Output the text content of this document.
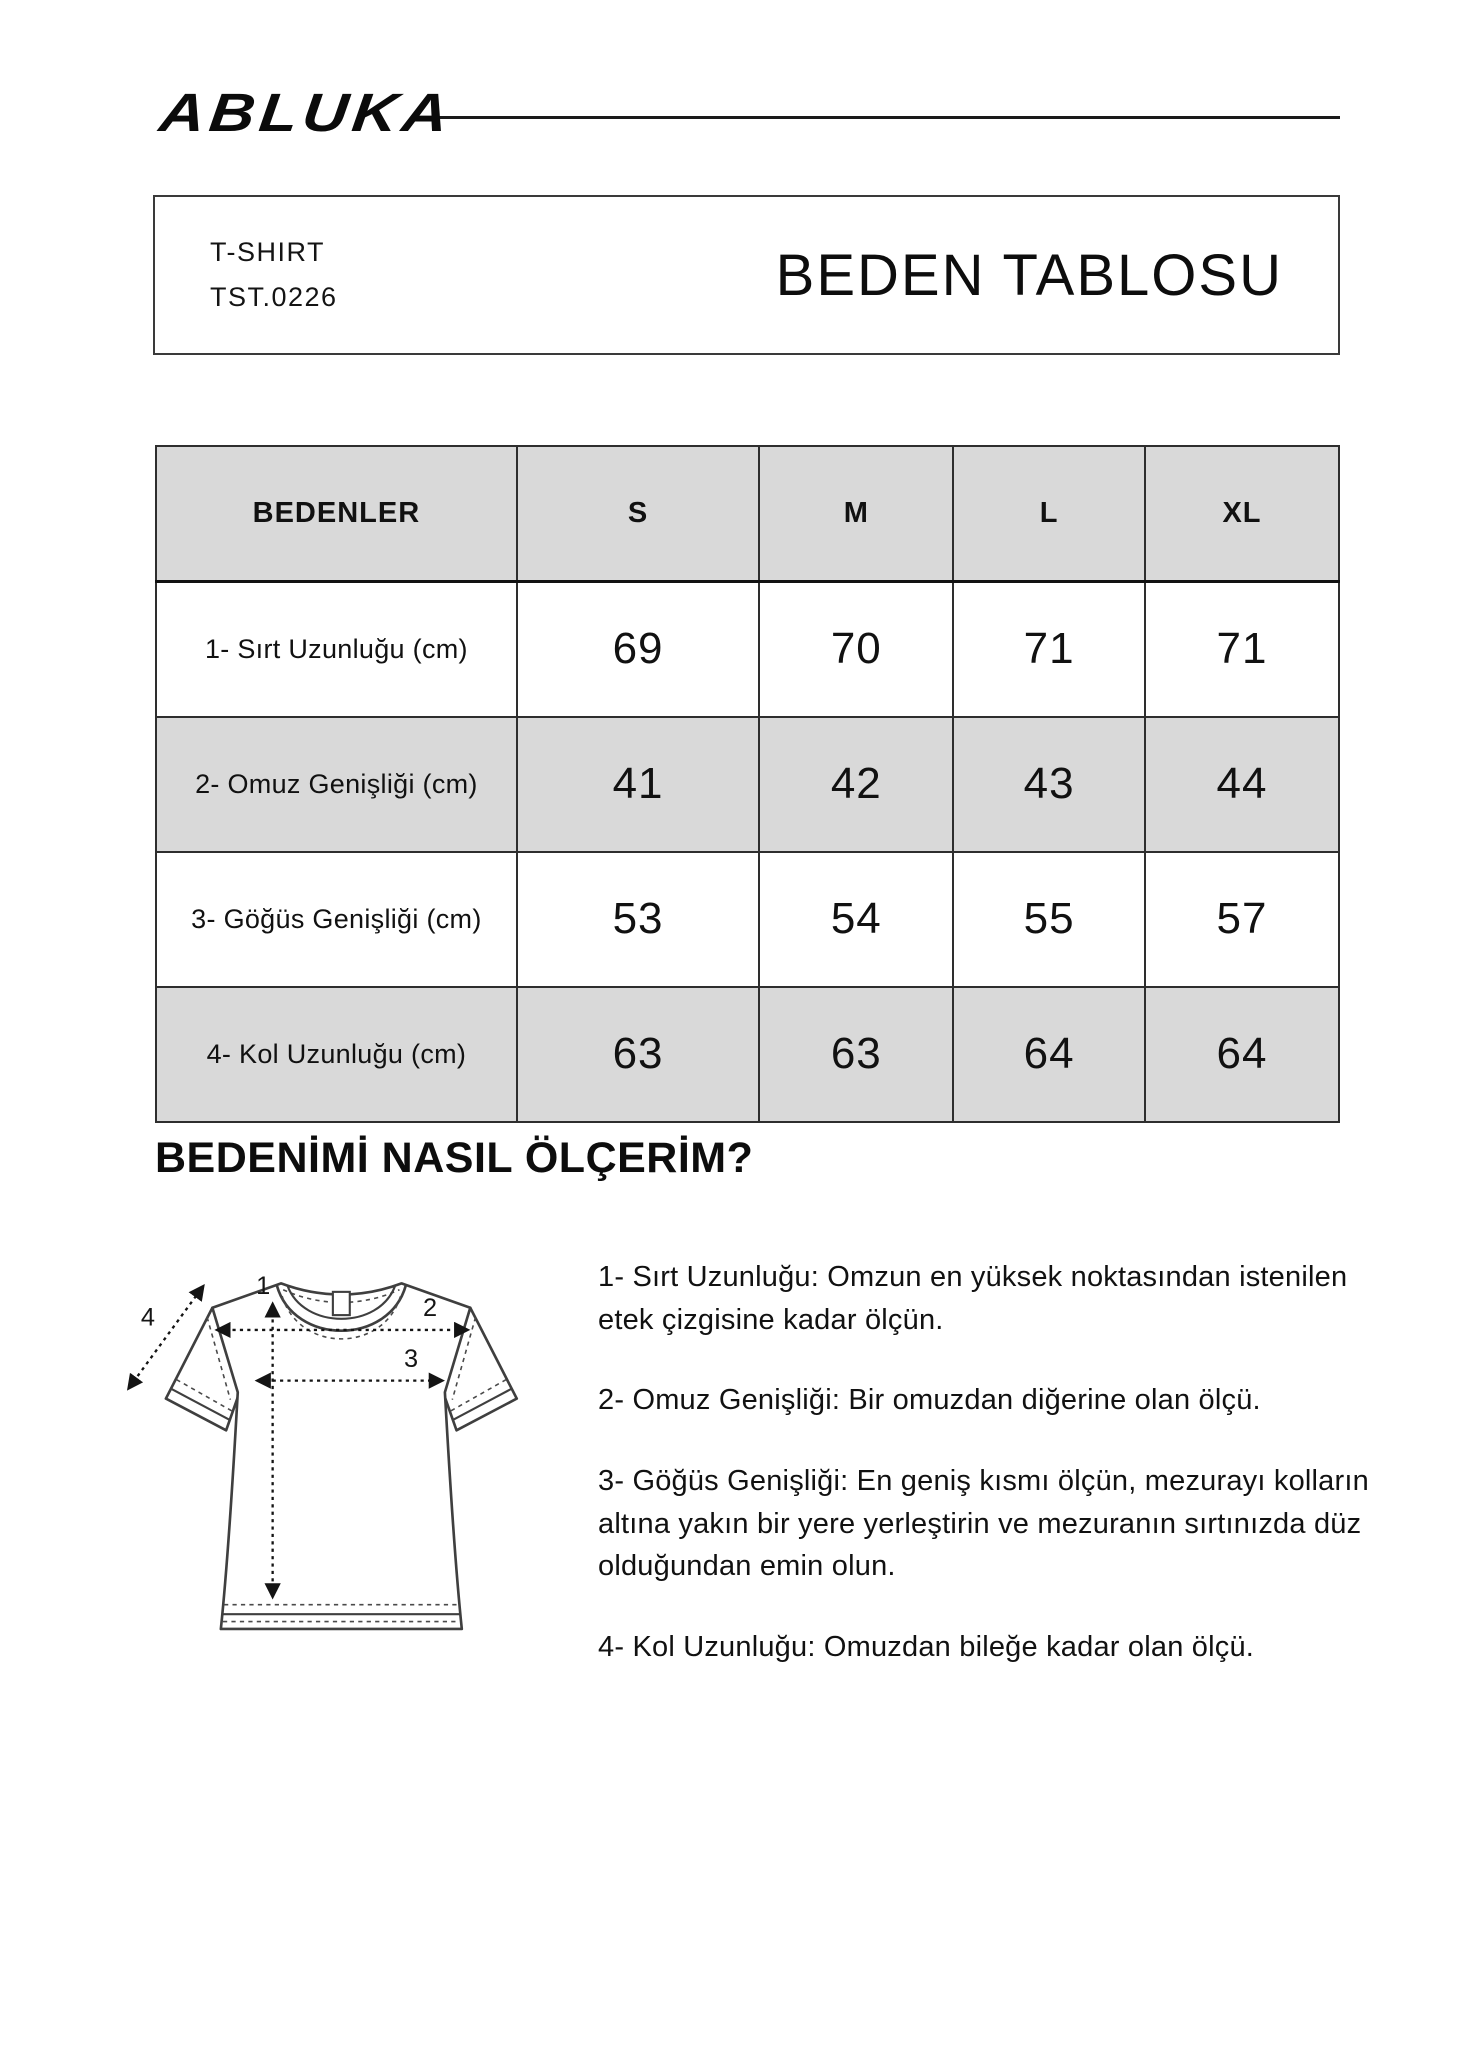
ABLUKA
T-SHIRT
TST.0226	BEDEN TABLOSU
BEDENLER	S	M	L	XL
1- Sırt Uzunluğu (cm)	69	70	71	71
2- Omuz Genişliği (cm)	41	42	43	44
3- Göğüs Genişliği (cm)	53	54	55	57
4- Kol Uzunluğu (cm)	63	63	64	64
BEDENİMİ NASIL ÖLÇERİM?
1
2
3
4

1- Sırt Uzunluğu: Omzun en yüksek noktasından istenilen etek çizgisine kadar ölçün.

2- Omuz Genişliği: Bir omuzdan diğerine olan ölçü.

3- Göğüs Genişliği: En geniş kısmı ölçün, mezurayı kolların altına yakın bir yere yerleştirin ve mezuranın sırtınızda düz olduğundan emin olun.

4- Kol Uzunluğu: Omuzdan bileğe kadar olan ölçü.
